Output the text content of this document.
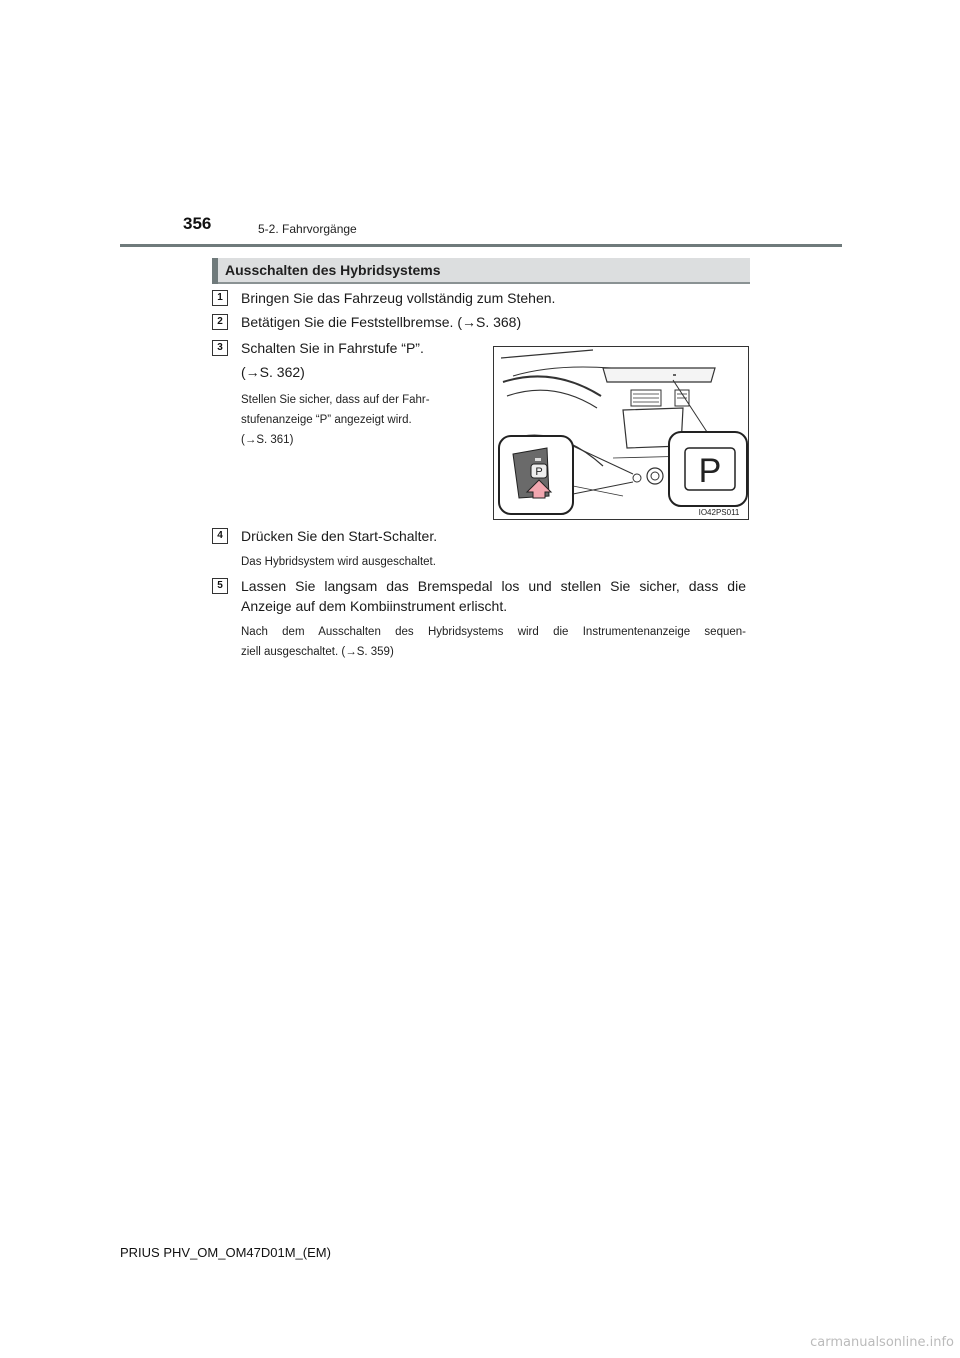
356	5-2. Fahrvorgänge
Ausschalten des Hybridsystems
1	Bringen Sie das Fahrzeug vollständig zum Stehen.
2	Betätigen Sie die Feststellbremse. (→S. 368)
3	Schalten Sie in Fahrstufe “P”.
(→S. 362)
Stellen Sie sicher, dass auf der Fahr-
stufenanzeige “P” angezeigt wird.
(→S. 361)
P
P
IO42PS011
4	Drücken Sie den Start-Schalter.
Das Hybridsystem wird ausgeschaltet.
5	Lassen Sie langsam das Bremspedal los und stellen Sie sicher, dass die
Anzeige auf dem Kombiinstrument erlischt.
Nach dem Ausschalten des Hybridsystems wird die Instrumentenanzeige sequen-
ziell ausgeschaltet. (→S. 359)
PRIUS PHV_OM_OM47D01M_(EM)
carmanualsonline.info
